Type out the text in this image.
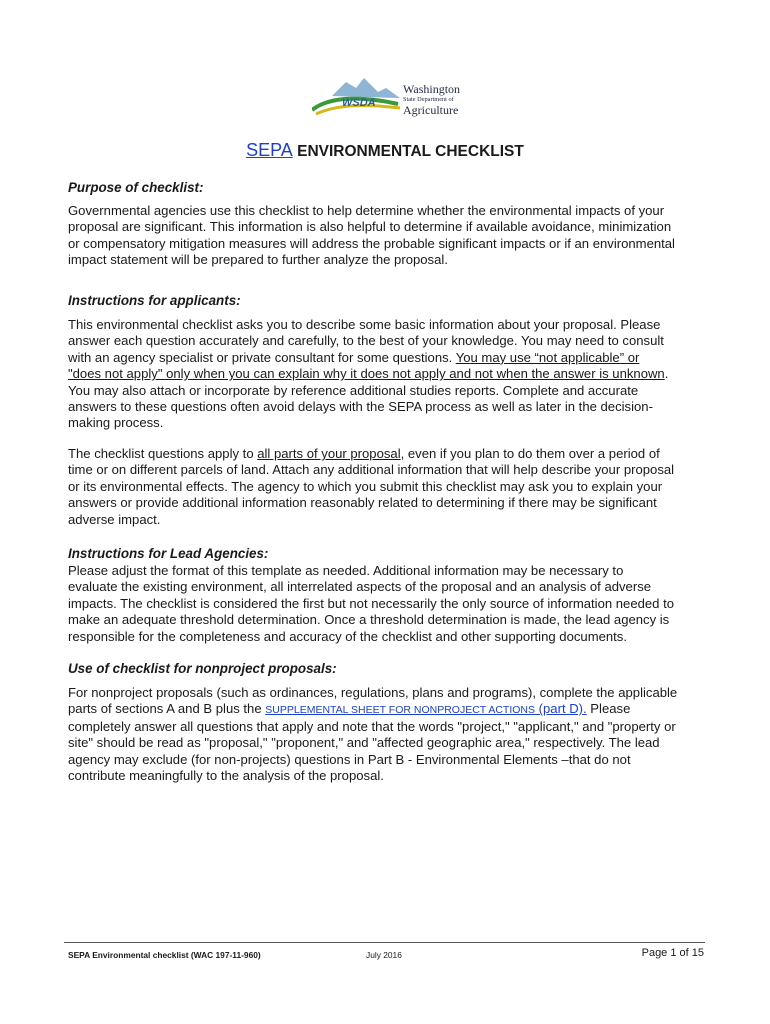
WSDA
Washington
State Department of
Agriculture
SEPA ENVIRONMENTAL CHECKLIST
Purpose of checklist:
Governmental agencies use this checklist to help determine whether the environmental impacts of your
proposal are significant. This information is also helpful to determine if available avoidance, minimization
or compensatory mitigation measures will address the probable significant impacts or if an environmental
impact statement will be prepared to further analyze the proposal.
Instructions for applicants:
This environmental checklist asks you to describe some basic information about your proposal. Please
answer each question accurately and carefully, to the best of your knowledge. You may need to consult
with an agency specialist or private consultant for some questions. You may use “not applicable” or
"does not apply" only when you can explain why it does not apply and not when the answer is unknown.
You may also attach or incorporate by reference additional studies reports. Complete and accurate
answers to these questions often avoid delays with the SEPA process as well as later in the decision-
making process.
The checklist questions apply to all parts of your proposal, even if you plan to do them over a period of
time or on different parcels of land. Attach any additional information that will help describe your proposal
or its environmental effects. The agency to which you submit this checklist may ask you to explain your
answers or provide additional information reasonably related to determining if there may be significant
adverse impact.
Instructions for Lead Agencies:
Please adjust the format of this template as needed. Additional information may be necessary to
evaluate the existing environment, all interrelated aspects of the proposal and an analysis of adverse
impacts. The checklist is considered the first but not necessarily the only source of information needed to
make an adequate threshold determination. Once a threshold determination is made, the lead agency is
responsible for the completeness and accuracy of the checklist and other supporting documents.
Use of checklist for nonproject proposals:
For nonproject proposals (such as ordinances, regulations, plans and programs), complete the applicable
parts of sections A and B plus the SUPPLEMENTAL SHEET FOR NONPROJECT ACTIONS (part D). Please
completely answer all questions that apply and note that the words "project," "applicant," and "property or
site" should be read as "proposal," "proponent," and "affected geographic area," respectively. The lead
agency may exclude (for non-projects) questions in Part B - Environmental Elements –that do not
contribute meaningfully to the analysis of the proposal.
SEPA Environmental checklist (WAC 197-11-960)	July 2016	Page 1 of 15
